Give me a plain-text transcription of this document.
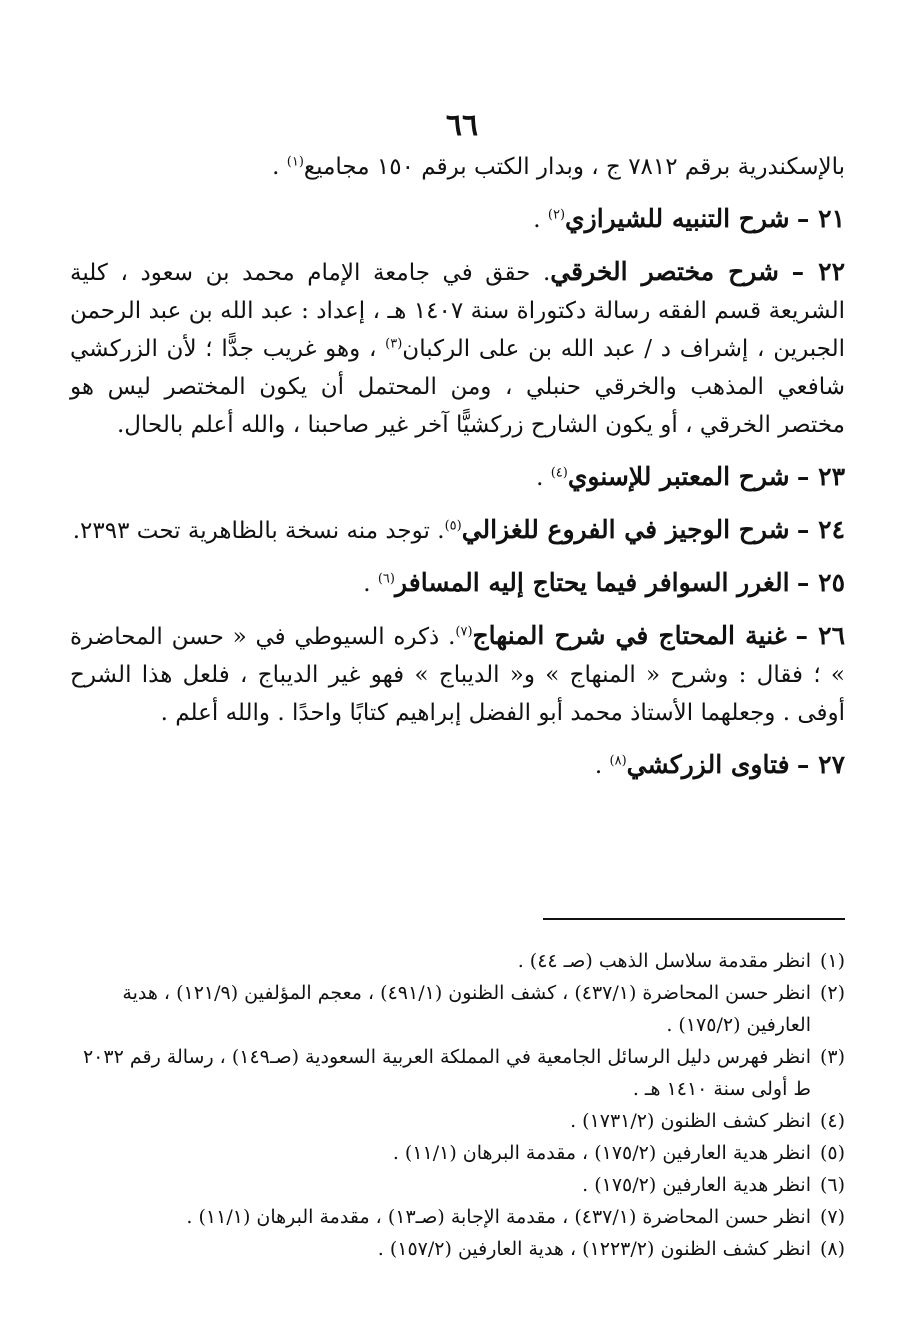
٦٦

بالإسكندرية برقم ٧٨١٢ ج ، وبدار الكتب برقم ١٥٠ مجاميع$^{(١)}$ .

٢١ – شرح التنبيه للشيرازي$^{(٢)}$ .

٢٢ – شرح مختصر الخرقي. حقق في جامعة الإمام محمد بن سعود ، كلية الشريعة قسم الفقه رسالة دكتوراة سنة ١٤٠٧ هـ ، إعداد : عبد الله بن عبد الرحمن الجبرين ، إشراف د / عبد الله بن على الركبان$^{(٣)}$ ، وهو غريب جدًّا ؛ لأن الزركشي شافعي المذهب والخرقي حنبلي ، ومن المحتمل أن يكون المختصر ليس هو مختصر الخرقي ، أو يكون الشارح زركشيًّا آخر غير صاحبنا ، والله أعلم بالحال.

٢٣ – شرح المعتبر للإسنوي$^{(٤)}$ .

٢٤ – شرح الوجيز في الفروع للغزالي$^{(٥)}$. توجد منه نسخة بالظاهرية تحت ٢٣٩٣.

٢٥ – الغرر السوافر فيما يحتاج إليه المسافر$^{(٦)}$ .

٢٦ – غنية المحتاج في شرح المنهاج$^{(٧)}$. ذكره السيوطي في « حسن المحاضرة » ؛ فقال : وشرح « المنهاج » و« الديباج » فهو غير الديباج ، فلعل هذا الشرح أوفى . وجعلهما الأستاذ محمد أبو الفضل إبراهيم كتابًا واحدًا . والله أعلم .

٢٧ – فتاوى الزركشي$^{(٨)}$ .

(١)انظر مقدمة سلاسل الذهب (صـ ٤٤) .

(٢)انظر حسن المحاضرة (٤٣٧/١) ، كشف الظنون (٤٩١/١) ، معجم المؤلفين (١٢١/٩) ، هدية العارفين (١٧٥/٢) .

(٣)انظر فهرس دليل الرسائل الجامعية في المملكة العربية السعودية (صـ١٤٩) ، رسالة رقم ٢٠٣٢ ط أولى سنة ١٤١٠ هـ .

(٤)انظر كشف الظنون (١٧٣١/٢) .

(٥)انظر هدية العارفين (١٧٥/٢) ، مقدمة البرهان (١١/١) .

(٦)انظر هدية العارفين (١٧٥/٢) .

(٧)انظر حسن المحاضرة (٤٣٧/١) ، مقدمة الإجابة (صـ١٣) ، مقدمة البرهان (١١/١) .

(٨)انظر كشف الظنون (١٢٢٣/٢) ، هدية العارفين (١٥٧/٢) .
